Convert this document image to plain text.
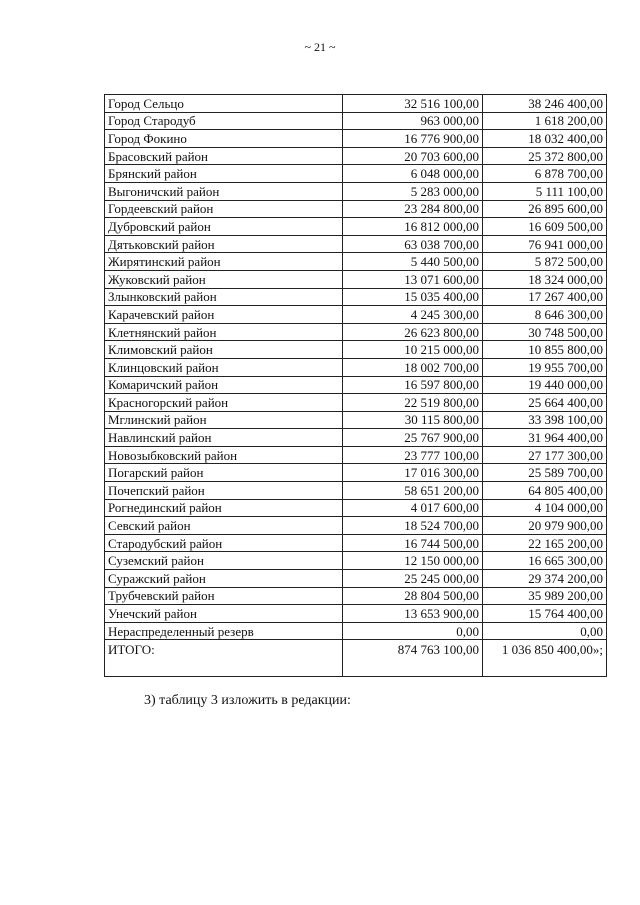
~ 21 ~
Город Сельцо	32 516 100,00	38 246 400,00
Город Стародуб	963 000,00	1 618 200,00
Город Фокино	16 776 900,00	18 032 400,00
Брасовский район	20 703 600,00	25 372 800,00
Брянский район	6 048 000,00	6 878 700,00
Выгоничский район	5 283 000,00	5 111 100,00
Гордеевский район	23 284 800,00	26 895 600,00
Дубровский район	16 812 000,00	16 609 500,00
Дятьковский район	63 038 700,00	76 941 000,00
Жирятинский район	5 440 500,00	5 872 500,00
Жуковский район	13 071 600,00	18 324 000,00
Злынковский район	15 035 400,00	17 267 400,00
Карачевский район	4 245 300,00	8 646 300,00
Клетнянский район	26 623 800,00	30 748 500,00
Климовский район	10 215 000,00	10 855 800,00
Клинцовский район	18 002 700,00	19 955 700,00
Комаричский район	16 597 800,00	19 440 000,00
Красногорский район	22 519 800,00	25 664 400,00
Мглинский район	30 115 800,00	33 398 100,00
Навлинский район	25 767 900,00	31 964 400,00
Новозыбковский район	23 777 100,00	27 177 300,00
Погарский район	17 016 300,00	25 589 700,00
Почепский район	58 651 200,00	64 805 400,00
Рогнединский район	4 017 600,00	4 104 000,00
Севский район	18 524 700,00	20 979 900,00
Стародубский район	16 744 500,00	22 165 200,00
Суземский район	12 150 000,00	16 665 300,00
Суражский район	25 245 000,00	29 374 200,00
Трубчевский район	28 804 500,00	35 989 200,00
Унечский район	13 653 900,00	15 764 400,00
Нераспределенный резерв	0,00	0,00
ИТОГО:	874 763 100,00	1 036 850 400,00»;
3) таблицу 3 изложить в редакции:
